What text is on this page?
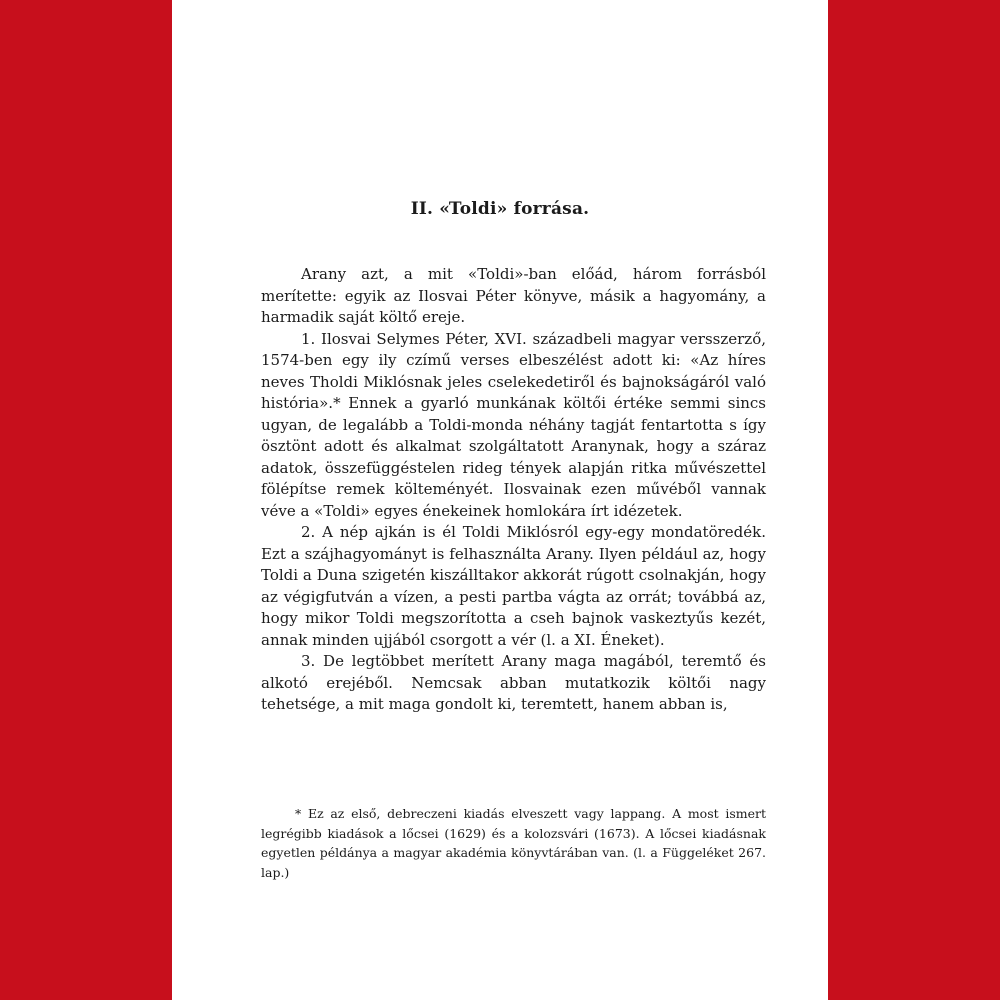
II. «Toldi» forrása.

Arany azt, a mit «Toldi»-ban előád, három forrásból merítette: egyik az Ilosvai Péter könyve, másik a hagyomány, a harmadik saját költő ereje.

1. Ilosvai Selymes Péter, XVI. századbeli magyar versszerző, 1574-ben egy ily czímű verses elbeszélést adott ki: «Az híres neves Tholdi Miklósnak jeles cselekedetiről és bajnokságáról való história».* Ennek a gyarló munkának költői értéke semmi sincs ugyan, de legalább a Toldi-monda néhány tagját fentartotta s így ösztönt adott és alkalmat szolgáltatott Aranynak, hogy a száraz adatok, összefüggéstelen rideg tények alapján ritka művészettel fölépítse remek költeményét. Ilosvainak ezen művéből vannak véve a «Toldi» egyes énekeinek homlokára írt idézetek.

2. A nép ajkán is él Toldi Miklósról egy-egy mondatöredék. Ezt a szájhagyományt is felhasználta Arany. Ilyen például az, hogy Toldi a Duna szigetén kiszálltakor akkorát rúgott csolnakján, hogy az végigfutván a vízen, a pesti partba vágta az orrát; továbbá az, hogy mikor Toldi megszorította a cseh bajnok vaskeztyűs kezét, annak minden ujjából csorgott a vér (l. a XI. Éneket).

3. De legtöbbet merített Arany maga magából, teremtő és alkotó erejéből. Nemcsak abban mutatkozik költői nagy tehetsége, a mit maga gondolt ki, teremtett, hanem abban is,

* Ez az első, debreczeni kiadás elveszett vagy lappang. A most ismert legrégibb kiadások a lőcsei (1629) és a kolozsvári (1673). A lőcsei kiadásnak egyetlen példánya a magyar akadémia könyvtárában van. (l. a Függeléket 267. lap.)
